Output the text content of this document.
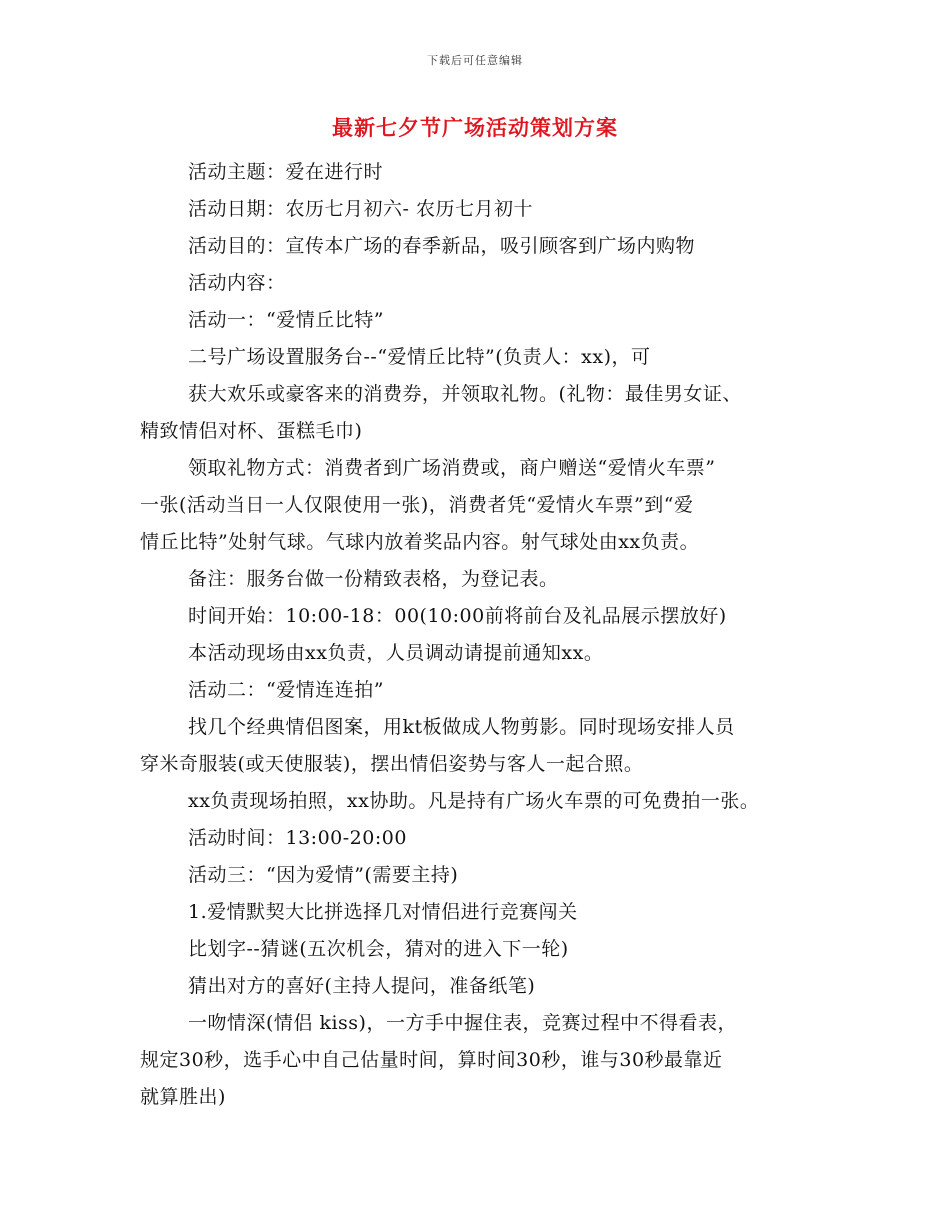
下载后可任意编辑
最新七夕节广场活动策划方案
活动主题：爱在进行时
活动日期：农历七月初六- 农历七月初十
活动目的：宣传本广场的春季新品，吸引顾客到广场内购物
活动内容：
活动一：“爱情丘比特”
二号广场设置服务台--“爱情丘比特”(负责人：xx)，可
获大欢乐或豪客来的消费券，并领取礼物。(礼物：最佳男女证、
精致情侣对杯、蛋糕毛巾)
领取礼物方式：消费者到广场消费或，商户赠送“爱情火车票”
一张(活动当日一人仅限使用一张)，消费者凭“爱情火车票”到“爱
情丘比特”处射气球。气球内放着奖品内容。射气球处由xx负责。
备注：服务台做一份精致表格，为登记表。
时间开始：10:00-18：00(10:00前将前台及礼品展示摆放好)
本活动现场由xx负责，人员调动请提前通知xx。
活动二：“爱情连连拍”
找几个经典情侣图案，用kt板做成人物剪影。同时现场安排人员
穿米奇服装(或天使服装)，摆出情侣姿势与客人一起合照。
xx负责现场拍照，xx协助。凡是持有广场火车票的可免费拍一张。
活动时间：13:00-20:00
活动三：“因为爱情”(需要主持)
1.爱情默契大比拼选择几对情侣进行竞赛闯关
比划字--猜谜(五次机会，猜对的进入下一轮)
猜出对方的喜好(主持人提问，准备纸笔)
一吻情深(情侣 kiss)，一方手中握住表，竞赛过程中不得看表，
规定30秒，选手心中自己估量时间，算时间30秒，谁与30秒最靠近
就算胜出)
